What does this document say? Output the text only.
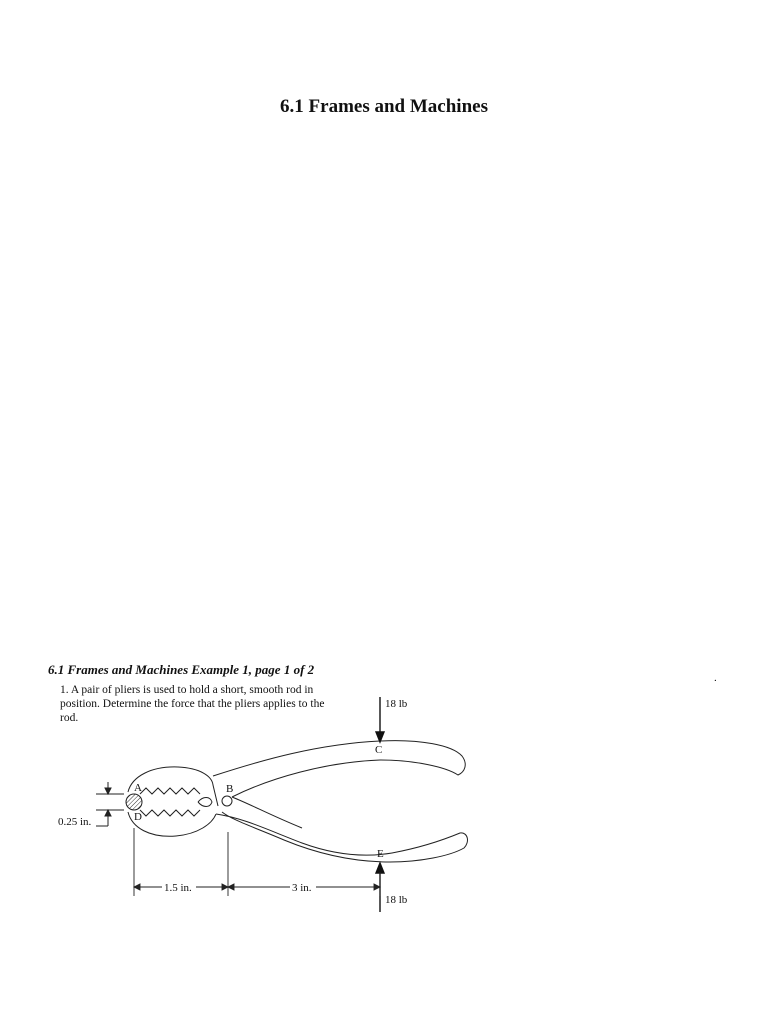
6.1 Frames and Machines
6.1 Frames and Machines Example 1, page 1 of 2

1. A pair of pliers is used to hold a short, smooth rod in position. Determine the force that the pliers applies to the rod.

.
0.25 in.
A	B
C
D
E
18 lb
18 lb
1.5 in.	3 in.
